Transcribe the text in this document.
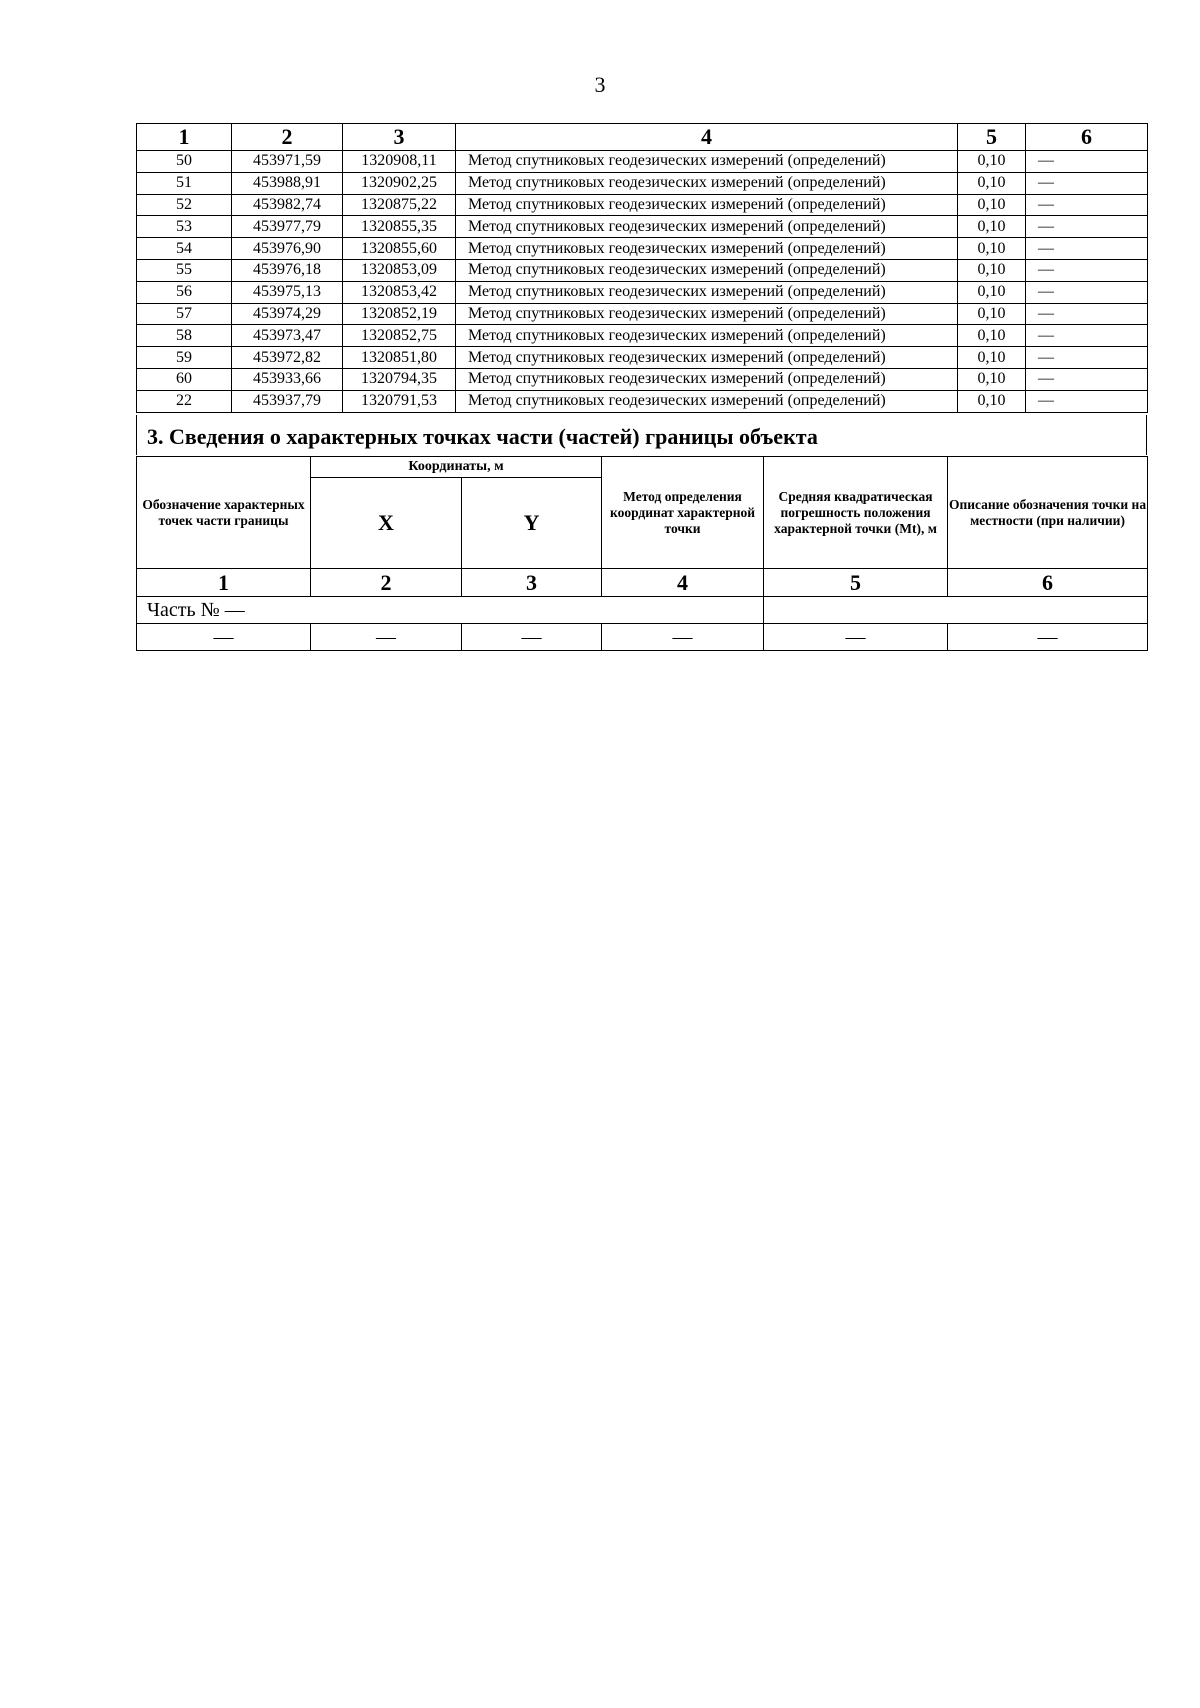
3
1	2	3	4	5	6
50	453971,59	1320908,11	Метод спутниковых геодезических измерений (определений)	0,10	—
51	453988,91	1320902,25	Метод спутниковых геодезических измерений (определений)	0,10	—
52	453982,74	1320875,22	Метод спутниковых геодезических измерений (определений)	0,10	—
53	453977,79	1320855,35	Метод спутниковых геодезических измерений (определений)	0,10	—
54	453976,90	1320855,60	Метод спутниковых геодезических измерений (определений)	0,10	—
55	453976,18	1320853,09	Метод спутниковых геодезических измерений (определений)	0,10	—
56	453975,13	1320853,42	Метод спутниковых геодезических измерений (определений)	0,10	—
57	453974,29	1320852,19	Метод спутниковых геодезических измерений (определений)	0,10	—
58	453973,47	1320852,75	Метод спутниковых геодезических измерений (определений)	0,10	—
59	453972,82	1320851,80	Метод спутниковых геодезических измерений (определений)	0,10	—
60	453933,66	1320794,35	Метод спутниковых геодезических измерений (определений)	0,10	—
22	453937,79	1320791,53	Метод спутниковых геодезических измерений (определений)	0,10	—
3. Сведения о характерных точках части (частей) границы объекта
Обозначение характерных точек части границы	Координаты, м		Метод определения координат характерной точки	Средняя квадратическая погрешность положения характерной точки (Mt), м	Описание обозначения точки на местности (при наличии)
	X	Y			
1	2	3	4	5	6
Часть № —					
—	—	—	—	—	—
